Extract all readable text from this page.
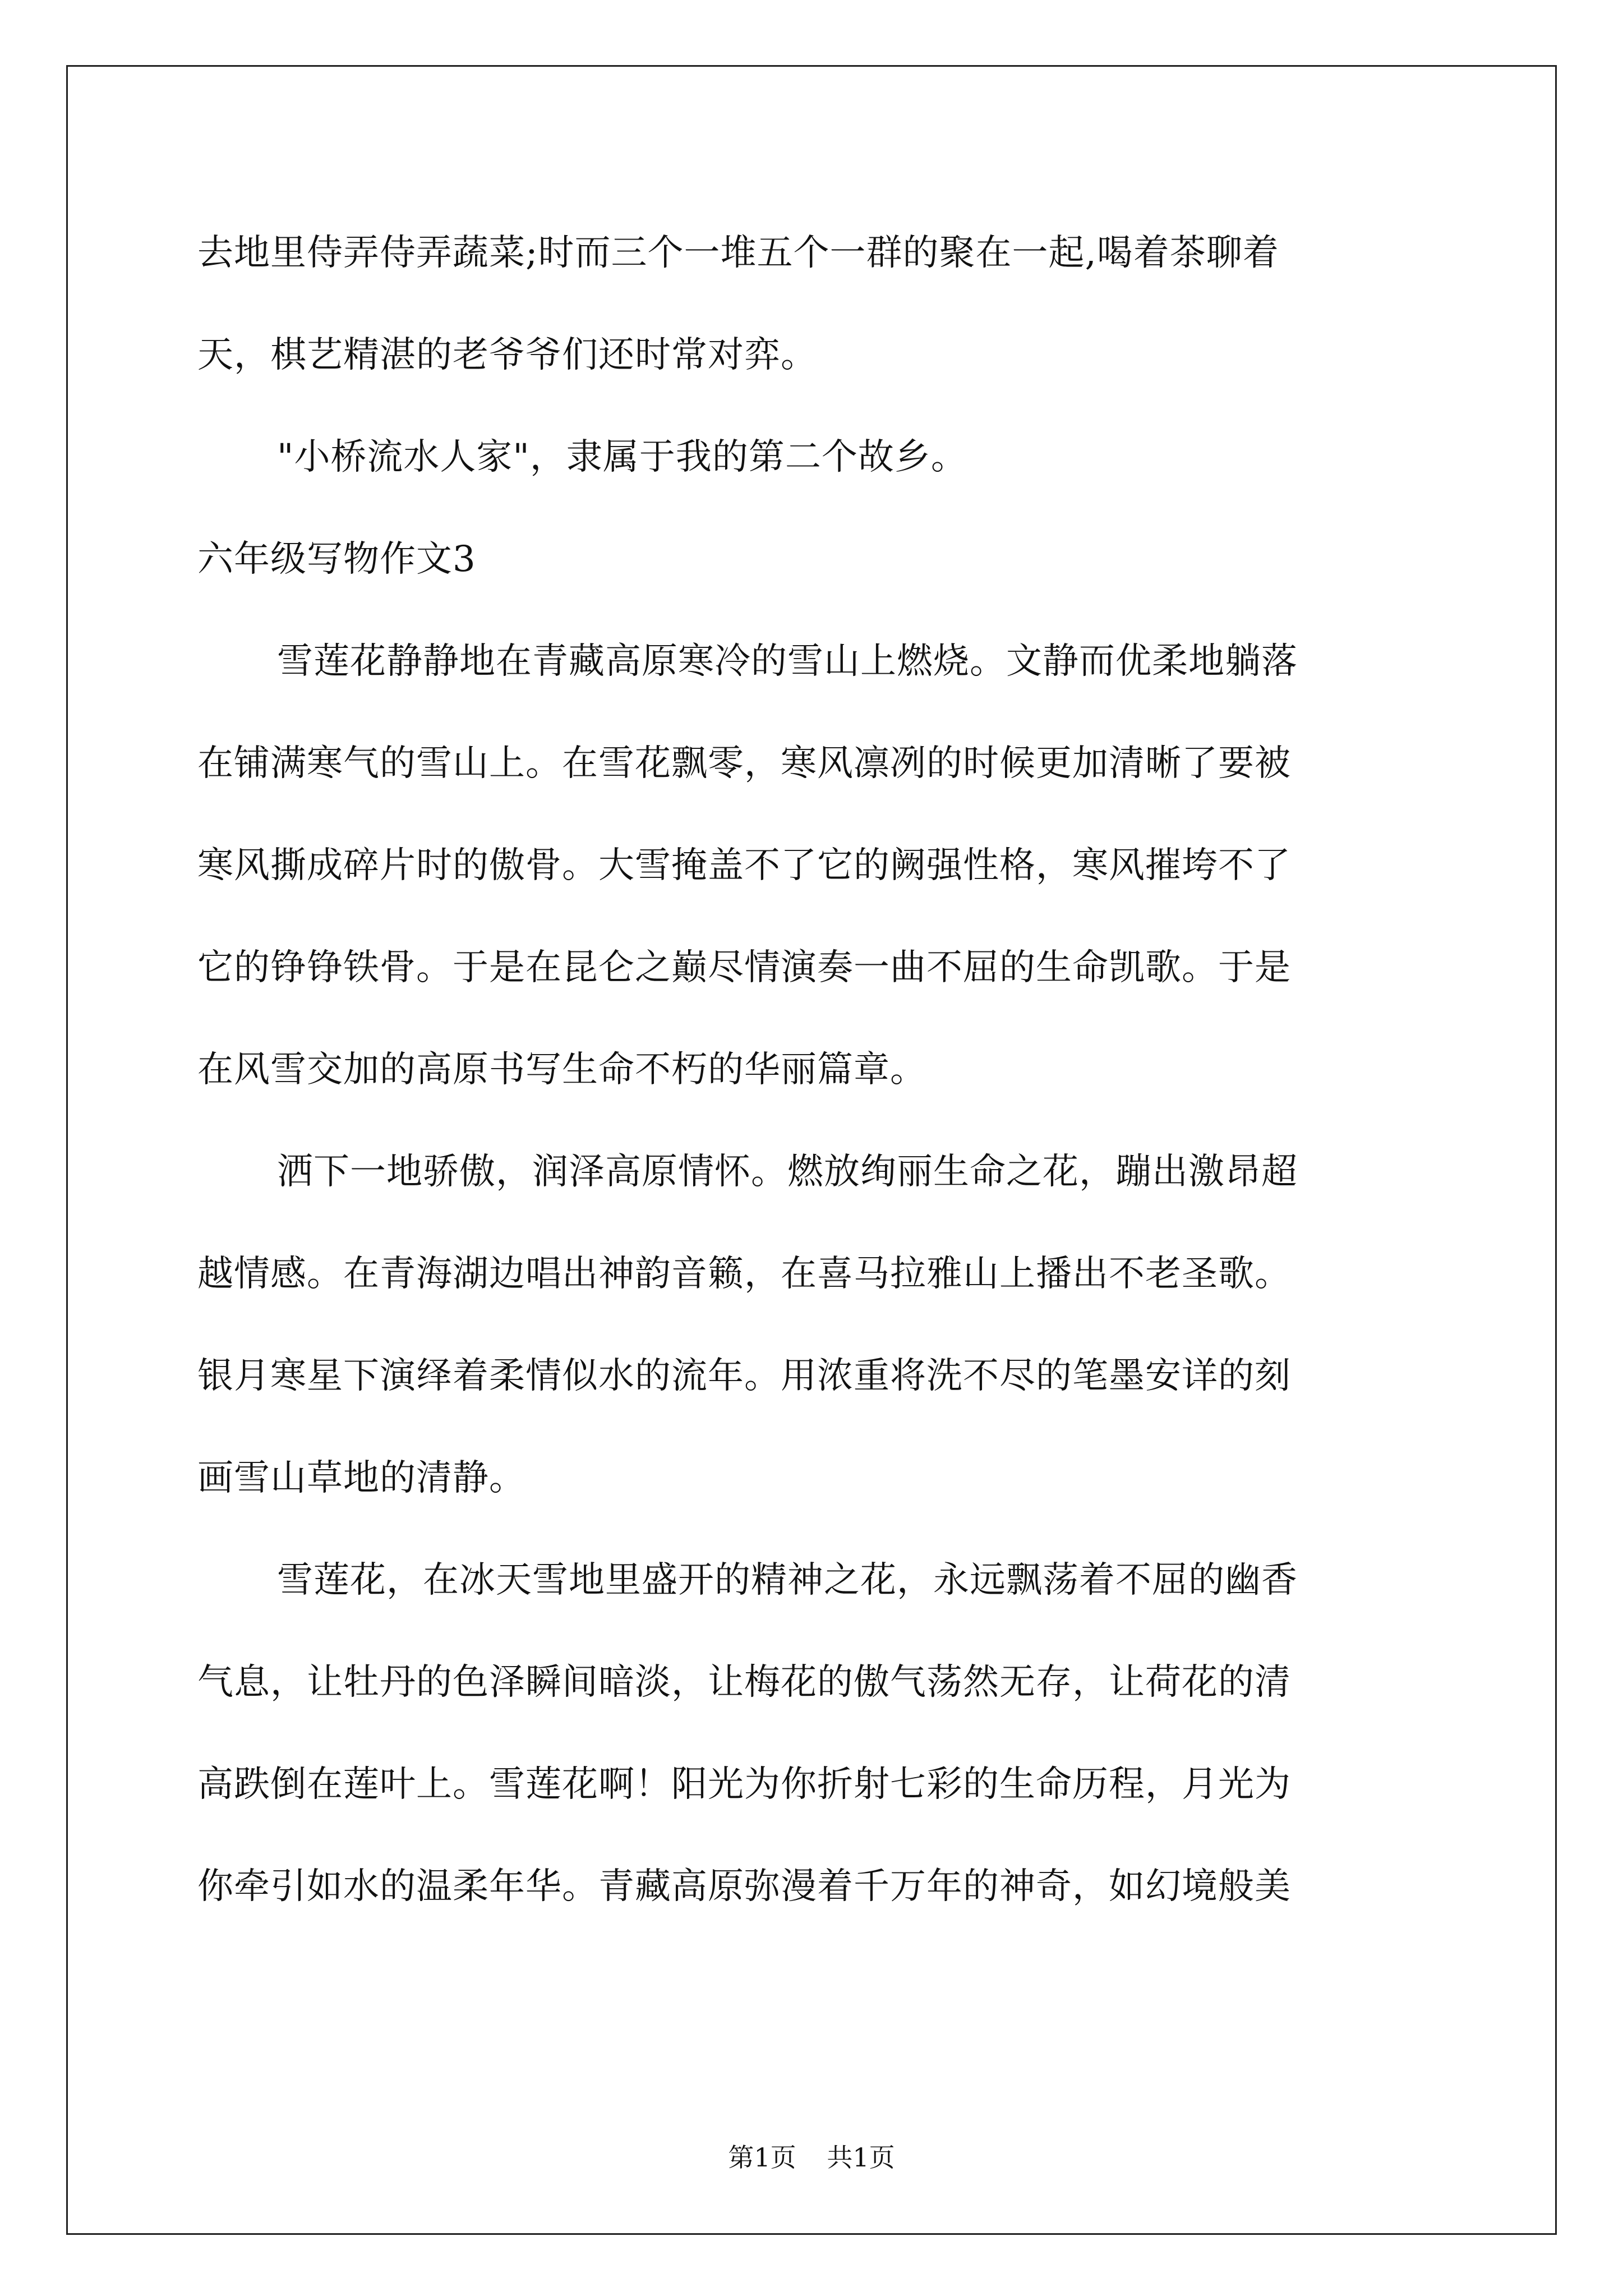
去地里侍弄侍弄蔬菜;时而三个一堆五个一群的聚在一起,喝着茶聊着
天，棋艺精湛的老爷爷们还时常对弈。
"小桥流水人家"，隶属于我的第二个故乡。
六年级写物作文3
雪莲花静静地在青藏高原寒冷的雪山上燃烧。文静而优柔地躺落
在铺满寒气的雪山上。在雪花飘零，寒风凛冽的时候更加清晰了要被
寒风撕成碎片时的傲骨。大雪掩盖不了它的阙强性格，寒风摧垮不了
它的铮铮铁骨。于是在昆仑之巅尽情演奏一曲不屈的生命凯歌。于是
在风雪交加的高原书写生命不朽的华丽篇章。
洒下一地骄傲，润泽高原情怀。燃放绚丽生命之花，蹦出激昂超
越情感。在青海湖边唱出神韵音籁，在喜马拉雅山上播出不老圣歌。
银月寒星下演绎着柔情似水的流年。用浓重将洗不尽的笔墨安详的刻
画雪山草地的清静。
雪莲花，在冰天雪地里盛开的精神之花，永远飘荡着不屈的幽香
气息，让牡丹的色泽瞬间暗淡，让梅花的傲气荡然无存，让荷花的清
高跌倒在莲叶上。雪莲花啊！阳光为你折射七彩的生命历程，月光为
你牵引如水的温柔年华。青藏高原弥漫着千万年的神奇，如幻境般美
第1页 共1页
